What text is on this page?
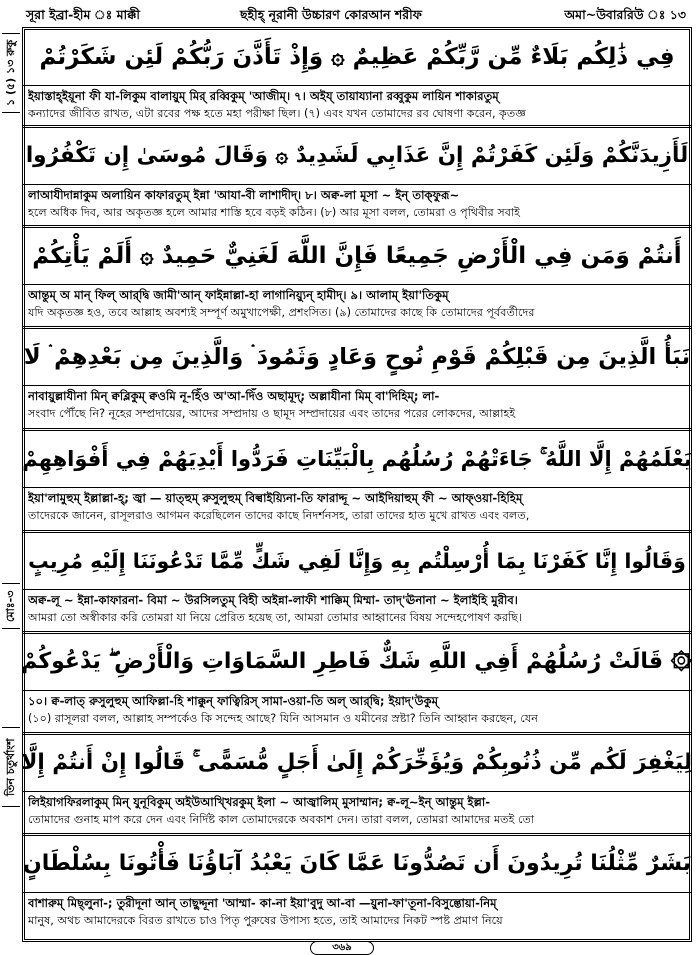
সূরা ইব্রা-হীম ঃ মাক্কী	ছহীহ্ নূরানী উচ্চারণ কোরআন শরীফ	অমা~উবাররিউ ঃ ১৩
১ (৫) ১৩ রুকু
মোঃ-৩
তিন চতুর্থাংশ
فِي ذَٰلِكُم بَلَاءٌ مِّن رَّبِّكُمْ عَظِيمٌ ۞ وَإِذْ تَأَذَّنَ رَبُّكُمْ لَئِن شَكَرْتُمْ
ইয়াস্তাহ্ইয়ূনা ফী যা-লিকুম বালায়ুম্ মির্ রব্বিকুম্ 'আজীম্। ৭। অইয্ তায়ায্যানা রব্বুকুম লায়িন শাকারতুম্
কন্যাদের জীবিত রাখত, এটা রবের পক্ষ হতে মহা পরীক্ষা ছিল। (৭) এবং যখন তোমাদের রব ঘোষণা করেন, কৃতজ্ঞ
لَأَزِيدَنَّكُمْ وَلَئِن كَفَرْتُمْ إِنَّ عَذَابِي لَشَدِيدٌ ۞ وَقَالَ مُوسَىٰ إِن تَكْفُرُوا
লাআযীদান্নাকুম অলায়িন কাফারতুম্ ইন্না 'আযা-বী লাশাদীদ্। ৮। অক্ব-লা মূসা ~ ইন্ তাক্ফুরূ~
হলে অধিক দিব, আর অকৃতজ্ঞ হলে আমার শাস্তি হবে বড়ই কঠিন। (৮) আর মূসা বলল, তোমরা ও পৃথিবীর সবাই
أَنتُمْ وَمَن فِي الْأَرْضِ جَمِيعًا فَإِنَّ اللَّهَ لَغَنِيٌّ حَمِيدٌ ۞ أَلَمْ يَأْتِكُمْ
আন্তুম্ অ মান্ ফিল্ আর্‌দ্বি জামী'আন্ ফাইন্নাল্লা-হা লাগানিয়্যুন্ হামীদ্। ৯। আলাম্ ইয়া'তিকুম্
যদি অকৃতজ্ঞ হও, তবে আল্লাহ অবশ্যই সম্পূর্ণ অমুখাপেক্ষী, প্রশংসিত। (৯) তোমাদের কাছে কি তোমাদের পূর্ববর্তীদের
نَبَأُ الَّذِينَ مِن قَبْلِكُمْ قَوْمِ نُوحٍ وَعَادٍ وَثَمُودَ ۛ وَالَّذِينَ مِن بَعْدِهِمْ ۛ لَا
নাবায়ুল্লাযীনা মিন্ ক্বব্লিকুম্ ক্বওমি নূ-হিঁও অ'আ-দিঁও অছামূদ্; অল্লাযীনা মিম্ বা'দিহিম্; লা-
সংবাদ পৌঁছে নি? নূহের সম্প্রদায়ের, আদের সম্প্রদায় ও ছামূদ সম্প্রদায়ের এবং তাদের পরের লোকদের, আল্লাহই
يَعْلَمُهُمْ إِلَّا اللَّهُ ۚ جَاءَتْهُمْ رُسُلُهُم بِالْبَيِّنَاتِ فَرَدُّوا أَيْدِيَهُمْ فِي أَفْوَاهِهِمْ
ইয়া'লামুহুম্ ইল্লাল্লা-হ্; জ্বা — য়াত্হুম্ রুসুলুহুম্ বিল্বাইয়্যিনা-তি ফারাদ্দূ ~ আইদিয়াহুম্ ফী ~ আফ্ওয়া-হিহিম্
তাদেরকে জানেন, রাসূলরাও আগমন করেছিলেন তাদের কাছে নিদর্শনসহ, তারা তাদের হাত মুখে রাখত এবং বলত,
وَقَالُوا إِنَّا كَفَرْنَا بِمَا أُرْسِلْتُم بِهِ وَإِنَّا لَفِي شَكٍّ مِّمَّا تَدْعُونَنَا إِلَيْهِ مُرِيبٍ
অক্ব-লূ ~ ইন্না-কাফারনা- বিমা ~ উরসিলতুম্ বিহী অইন্না-লাফী শাক্কিম্ মিম্মা- তাদ্'ঊনানা ~ ইলাইহি মুরীব।
আমরা তো অস্বীকার করি তোমরা যা নিয়ে প্রেরিত হয়েছ তা, আমরা তোমার আহ্বানের বিষয় সন্দেহপোষণ করছি।
۞ قَالَتْ رُسُلُهُمْ أَفِي اللَّهِ شَكٌّ فَاطِرِ السَّمَاوَاتِ وَالْأَرْضِ ۖ يَدْعُوكُمْ
১০। ক্ব-লাত্ রুসুলুহুম্ আফিল্লা-হি শাক্কুন্ ফাত্বিরিস্ সামা-ওয়া-তি অল্ আর্‌দ্বি; ইয়াদ্'উকুম্
(১০) রাসূলরা বলল, আল্লাহ সম্পর্কেও কি সন্দেহ আছে? যিনি আসমান ও যমীনের স্রষ্টা? তিনি আহ্বান করছেন, যেন
لِيَغْفِرَ لَكُم مِّن ذُنُوبِكُمْ وَيُؤَخِّرَكُمْ إِلَىٰ أَجَلٍ مُّسَمًّى ۚ قَالُوا إِنْ أَنتُمْ إِلَّا
লিইয়াগফিরলাকুম্ মিন্ যুনূবিকুম্ অইউআখ্খিরকুম্ ইলা ~ আজ্বালিম্ মুসাম্মান; ক্ব-লূ~ইন্ আন্তুম্ ইল্লা-
তোমাদের গুনাহ মাপ করে দেন এবং নির্দিষ্ট কাল তোমাদেরকে অবকাশ দেন। তারা বলল, তোমরা আমাদের মতই তো
بَشَرٌ مِّثْلُنَا تُرِيدُونَ أَن تَصُدُّونَا عَمَّا كَانَ يَعْبُدُ آبَاؤُنَا فَأْتُونَا بِسُلْطَانٍ
বাশারুম্ মিছ্লুনা-; তুরীদূনা আন্ তাছুদ্দূনা 'আম্মা- কা-না ইয়া'বুদু আ-বা —য়ুনা-ফা'তূনা-বিসুল্তোয়া-নিম্
মানুষ, অথচ আমাদেরকে বিরত রাখতে চাও পিতৃ পুরুষের উপাস্য হতে, তাই আমাদের নিকট স্পষ্ট প্রমাণ নিয়ে
৩৬৯
